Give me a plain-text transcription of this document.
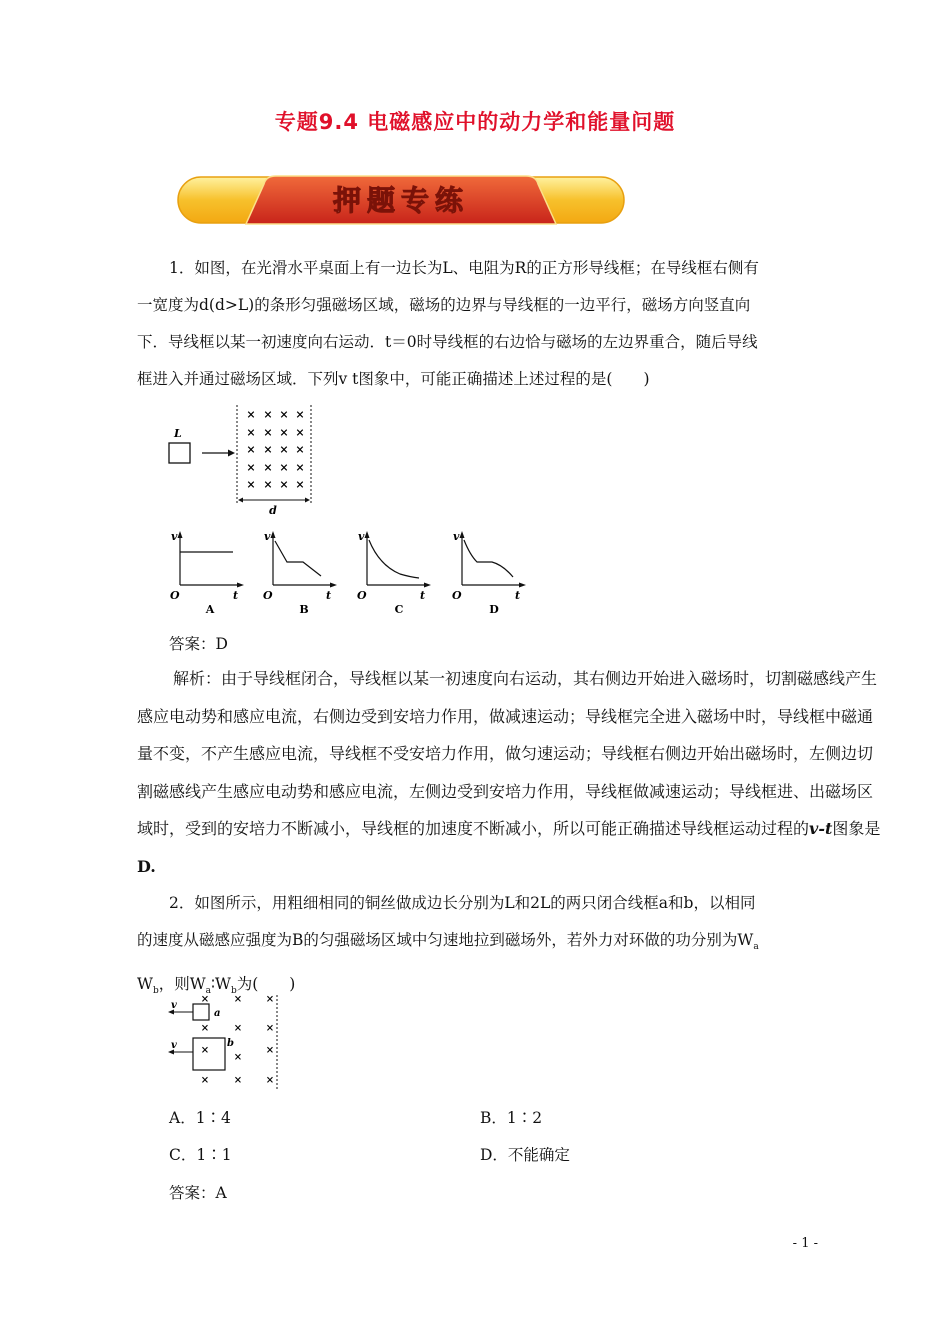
专题9.4 电磁感应中的动力学和能量问题
押题专练
1．如图，在光滑水平桌面上有一边长为L、电阻为R的正方形导线框；在导线框右侧有
一宽度为d(d>L)的条形匀强磁场区域，磁场的边界与导线框的一边平行，磁场方向竖直向
下．导线框以某一初速度向右运动．t＝0时导线框的右边恰与磁场的左边界重合，随后导线
框进入并通过磁场区域．下列v t图象中，可能正确描述上述过程的是(　　)
L
× × × ×
× × × ×
× × × ×
× × × ×
× × × ×
d
v
t
O
v
t
O
v
t
O
v
t
O
A	B	C	D
答案：D
解析：由于导线框闭合，导线框以某一初速度向右运动，其右侧边开始进入磁场时，切割磁感线产生
感应电动势和感应电流，右侧边受到安培力作用，做减速运动；导线框完全进入磁场中时，导线框中磁通
量不变，不产生感应电流，导线框不受安培力作用，做匀速运动；导线框右侧边开始出磁场时，左侧边切
割磁感线产生感应电动势和感应电流，左侧边受到安培力作用，导线框做减速运动；导线框进、出磁场区
域时，受到的安培力不断减小，导线框的加速度不断减小，所以可能正确描述导线框运动过程的v-t图象是
D.
2．如图所示，用粗细相同的铜丝做成边长分别为L和2L的两只闭合线框a和b，以相同
的速度从磁感应强度为B的匀强磁场区域中匀速地拉到磁场外，若外力对环做的功分别为$W_a$
$W_b$，则$W_a∶W_b$为(　　)
× × ×
× × ×
×	×
×
× × ×
v
v
a
b
A．1∶4	B．1∶2
C．1∶1	D．不能确定
答案：A
- 1 -
